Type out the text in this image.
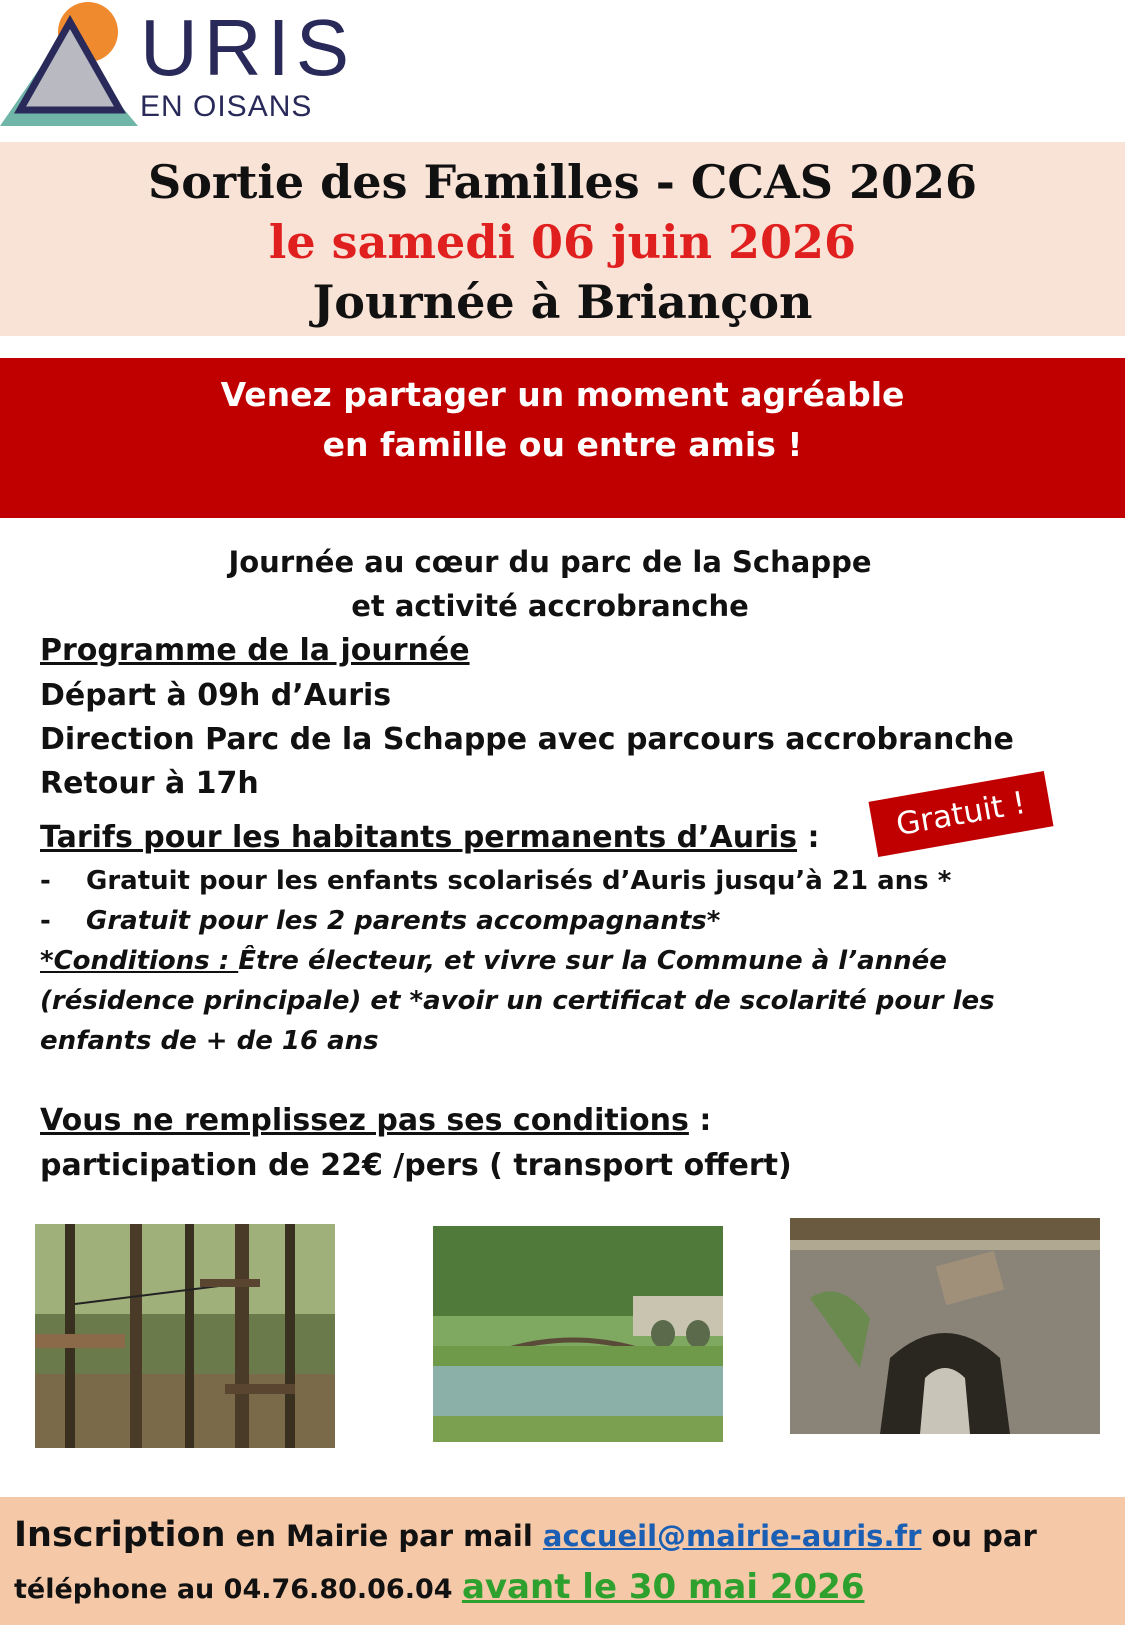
URIS
EN OISANS
Sortie des Familles - CCAS 2026
le samedi 06 juin 2026
Journée à Briançon
Venez partager un moment agréable
en famille ou entre amis !
Journée au cœur du parc de la Schappe
et activité accrobranche
Programme de la journée
Départ à 09h d’Auris
Direction Parc de la Schappe avec parcours accrobranche
Retour à 17h
Tarifs pour les habitants permanents d’Auris :
- Gratuit pour les enfants scolarisés d’Auris jusqu’à 21 ans *
- Gratuit pour les 2 parents accompagnants*
*Conditions : Être électeur, et vivre sur la Commune à l’année
(résidence principale) et *avoir un certificat de scolarité pour les
enfants de + de 16 ans
Gratuit !
Vous ne remplissez pas ses conditions :
participation de 22€ /pers ( transport offert)
Inscription en Mairie par mail accueil@mairie-auris.fr ou par
téléphone au 04.76.80.06.04 avant le 30 mai 2026
